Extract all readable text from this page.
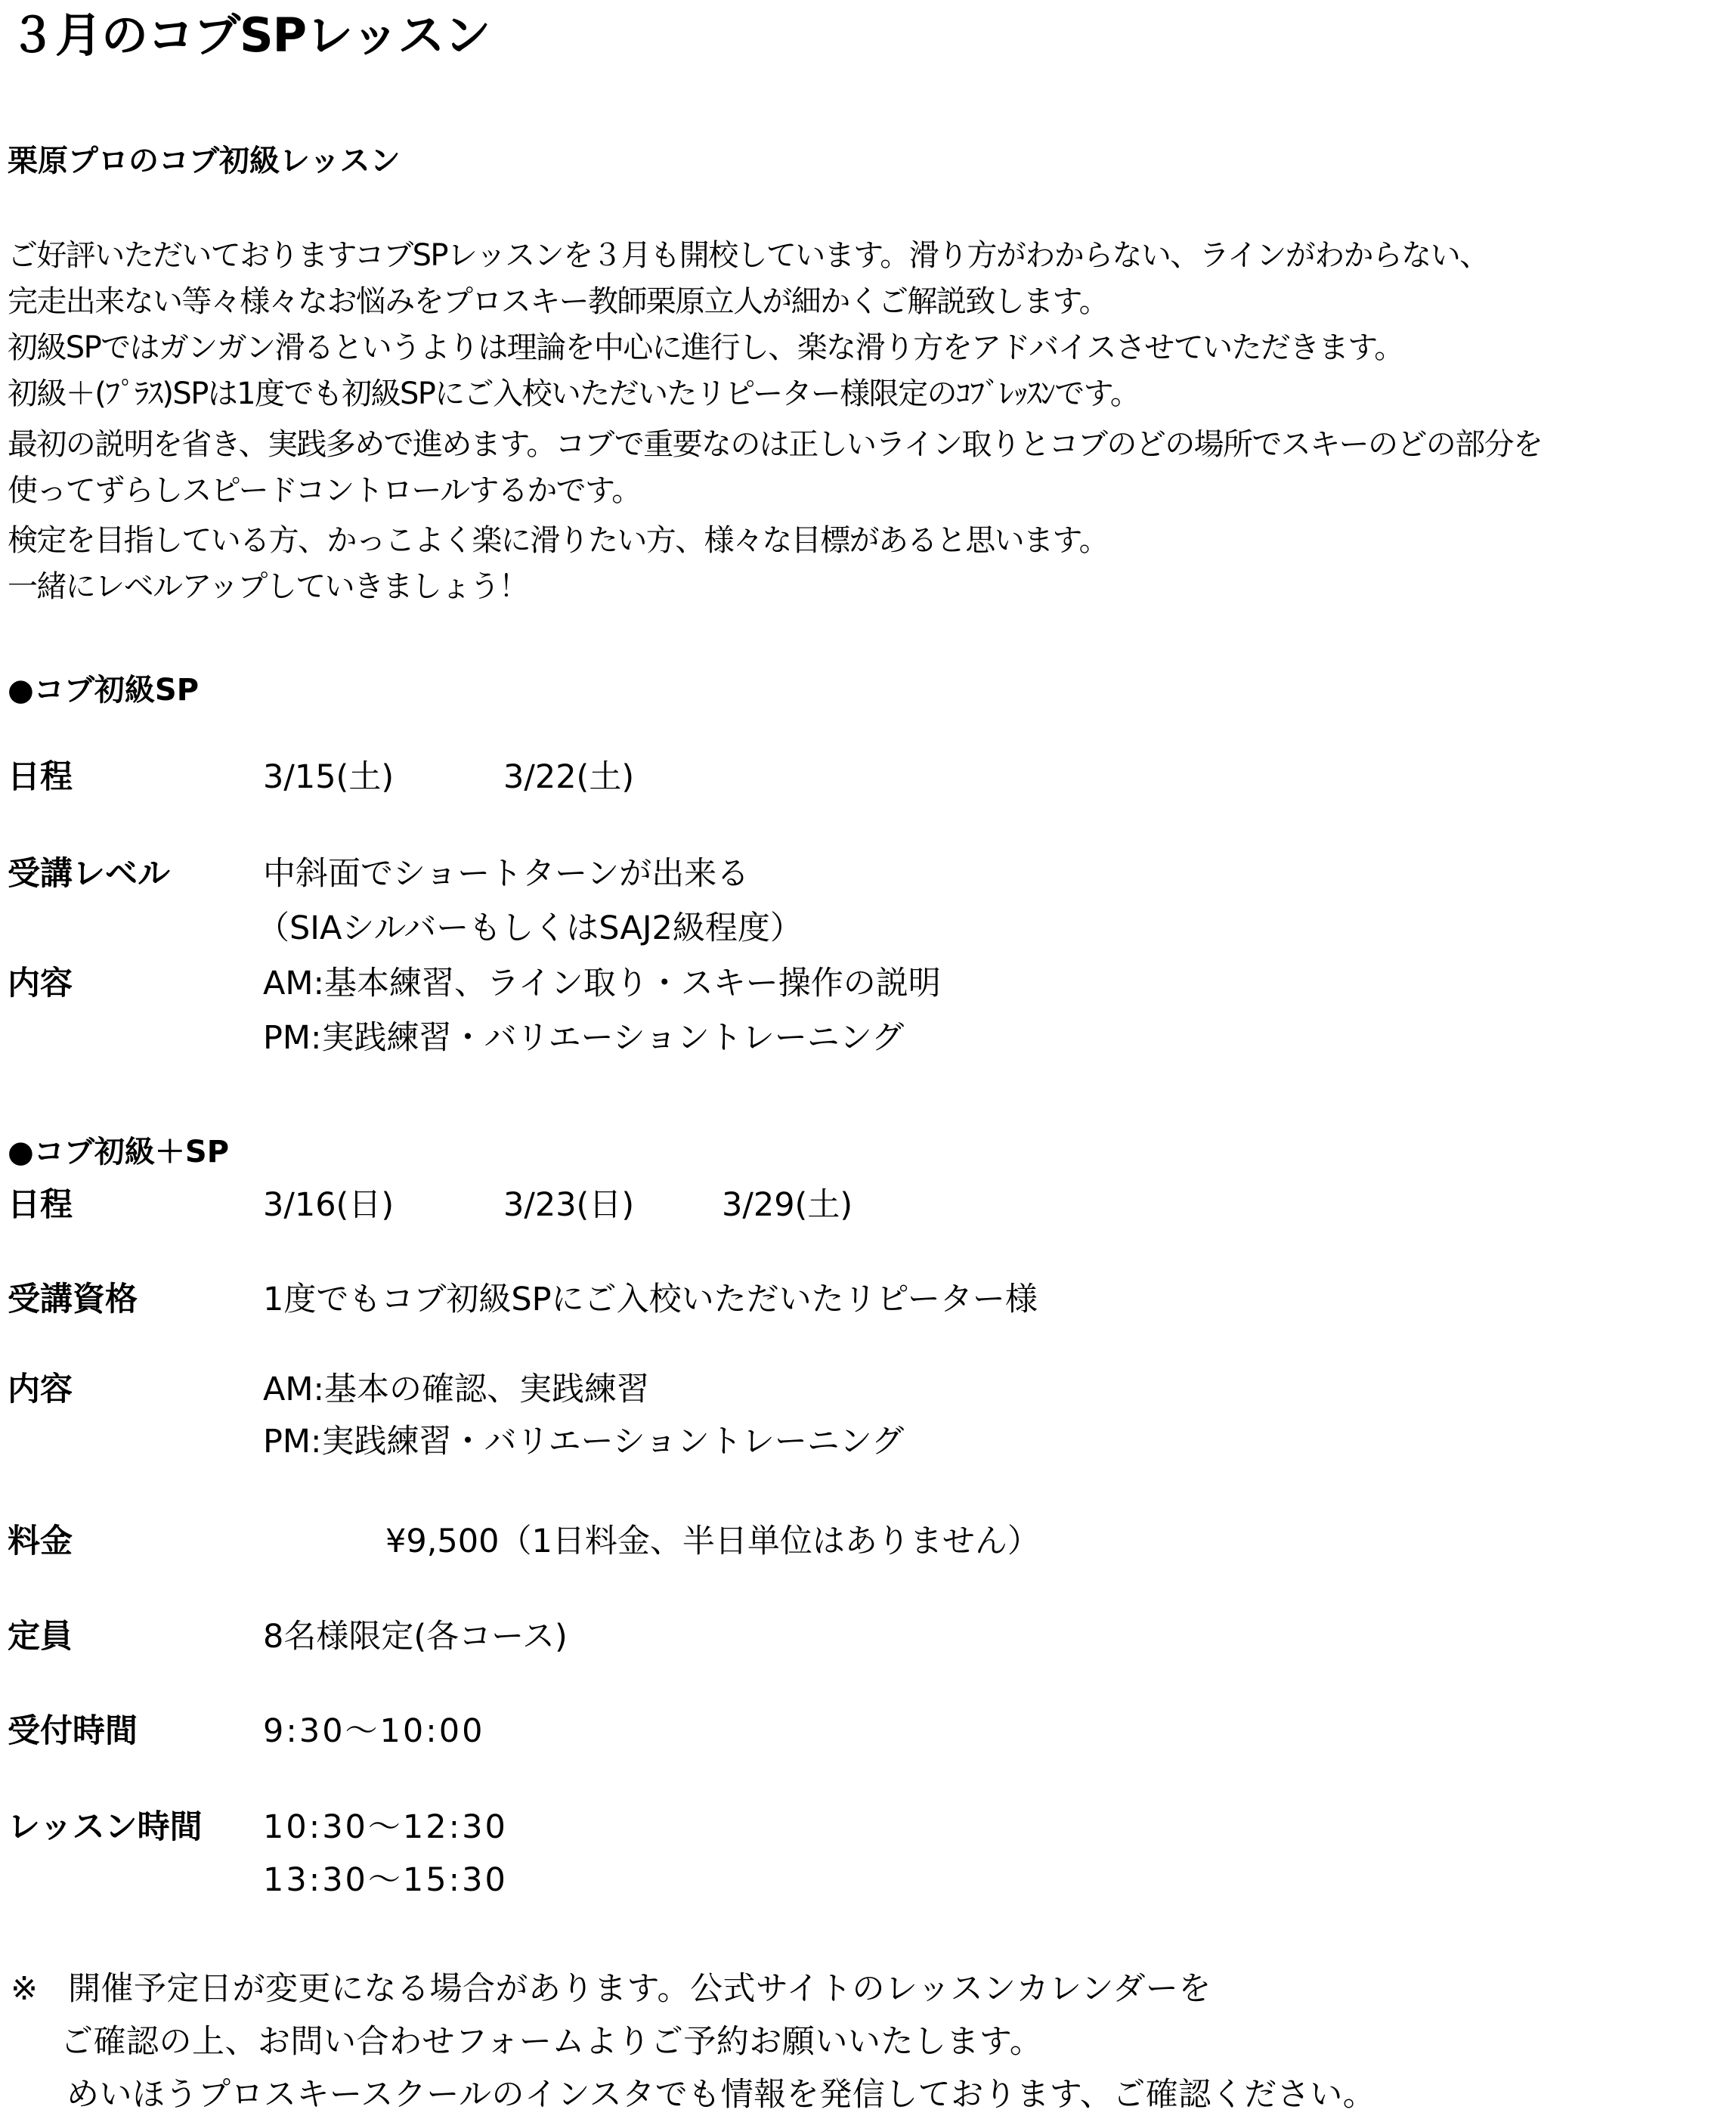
３月のコブSPレッスン
栗原プロのコブ初級レッスン
ご好評いただいておりますコブSPレッスンを３月も開校しています。滑り方がわからない、ラインがわからない、
完走出来ない等々様々なお悩みをプロスキー教師栗原立人が細かくご解説致します。
初級SPではガンガン滑るというよりは理論を中心に進行し、楽な滑り方をアドバイスさせていただきます。
初級＋(ﾌﾟﾗｽ)SPは1度でも初級SPにご入校いただいたリピーター様限定のｺﾌﾞﾚｯｽﾝです。
最初の説明を省き、実践多めで進めます。コブで重要なのは正しいライン取りとコブのどの場所でスキーのどの部分を
使ってずらしスピードコントロールするかです。
検定を目指している方、かっこよく楽に滑りたい方、様々な目標があると思います。
一緒にレベルアップしていきましょう！
●コブ初級SP
日程	3/15(土)	3/22(土)
受講レベル	中斜面でショートターンが出来る
（SIAシルバーもしくはSAJ2級程度）
内容	AM:基本練習、ライン取り・スキー操作の説明
PM:実践練習・バリエーショントレーニング
●コブ初級＋SP
日程	3/16(日)	3/23(日)	3/29(土)
受講資格	1度でもコブ初級SPにご入校いただいたリピーター様
内容	AM:基本の確認、実践練習
PM:実践練習・バリエーショントレーニング
料金	¥9,500（1日料金、半日単位はありません）
定員	8名様限定(各コース)
受付時間	9:30〜10:00
レッスン時間 10:30〜12:30
13:30〜15:30
※ 開催予定日が変更になる場合があります。公式サイトのレッスンカレンダーを
ご確認の上、お問い合わせフォームよりご予約お願いいたします。
めいほうプロスキースクールのインスタでも情報を発信しております、ご確認ください。
